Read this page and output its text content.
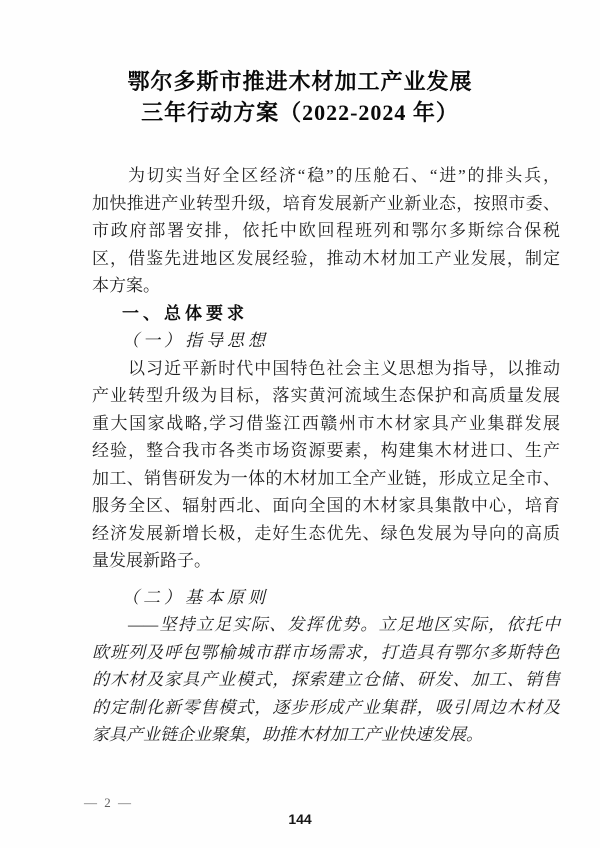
鄂尔多斯市推进木材加工产业发展
三年行动方案（2022-2024 年）

为切实当好全区经济“稳”的压舱石、“进”的排头兵，
加快推进产业转型升级，培育发展新产业新业态，按照市委、
市政府部署安排，依托中欧回程班列和鄂尔多斯综合保税
区，借鉴先进地区发展经验，推动木材加工产业发展，制定
本方案。

一、总体要求
（一）指导思想

以习近平新时代中国特色社会主义思想为指导，以推动
产业转型升级为目标，落实黄河流域生态保护和高质量发展
重大国家战略,学习借鉴江西赣州市木材家具产业集群发展
经验，整合我市各类市场资源要素，构建集木材进口、生产
加工、销售研发为一体的木材加工全产业链，形成立足全市、
服务全区、辐射西北、面向全国的木材家具集散中心，培育
经济发展新增长极，走好生态优先、绿色发展为导向的高质
量发展新路子。

（二）基本原则

——坚持立足实际、发挥优势。立足地区实际，依托中
欧班列及呼包鄂榆城市群市场需求，打造具有鄂尔多斯特色
的木材及家具产业模式，探索建立仓储、研发、加工、销售
的定制化新零售模式，逐步形成产业集群，吸引周边木材及
家具产业链企业聚集，助推木材加工产业快速发展。

— 2 —
144
